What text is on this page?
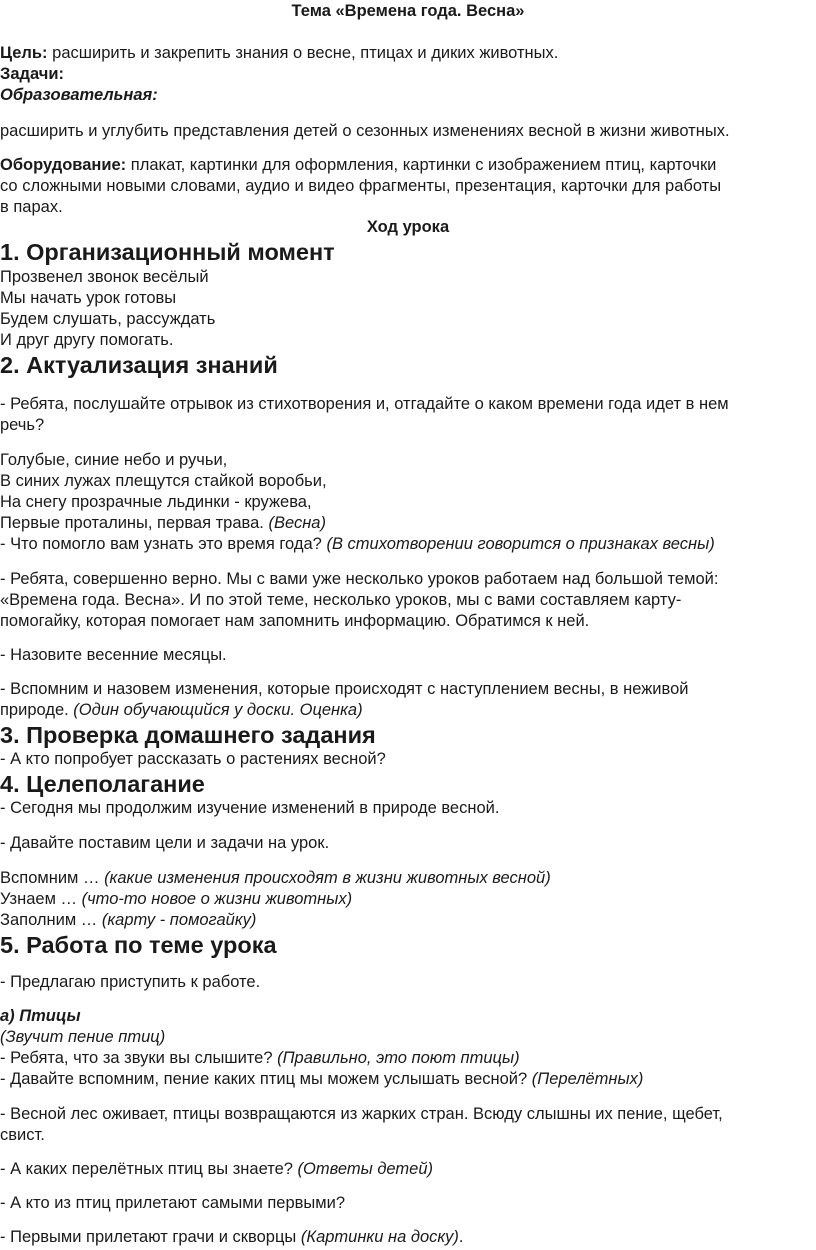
Тема «Времена года. Весна»
Цель: расширить и закрепить знания о весне, птицах и диких животных.
Задачи:
Образовательная:
расширить и углубить представления детей о сезонных изменениях весной в жизни животных.
Оборудование: плакат, картинки для оформления, картинки с изображением птиц, карточки
со сложными новыми словами, аудио и видео фрагменты, презентация, карточки для работы
в парах.
Ход урока
1. Организационный момент
Прозвенел звонок весёлый
Мы начать урок готовы
Будем слушать, рассуждать
И друг другу помогать.
2. Актуализация знаний
- Ребята, послушайте отрывок из стихотворения и, отгадайте о каком времени года идет в нем
речь?
Голубые, синие небо и ручьи,
В синих лужах плещутся стайкой воробьи,
На снегу прозрачные льдинки - кружева,
Первые проталины, первая трава. (Весна)
- Что помогло вам узнать это время года? (В стихотворении говорится о признаках весны)
- Ребята, совершенно верно. Мы с вами уже несколько уроков работаем над большой темой:
«Времена года. Весна». И по этой теме, несколько уроков, мы с вами составляем карту-
помогайку, которая помогает нам запомнить информацию. Обратимся к ней.
- Назовите весенние месяцы.
- Вспомним и назовем изменения, которые происходят с наступлением весны, в неживой
природе. (Один обучающийся у доски. Оценка)
3. Проверка домашнего задания
- А кто попробует рассказать о растениях весной?
4. Целеполагание
- Сегодня мы продолжим изучение изменений в природе весной.
- Давайте поставим цели и задачи на урок.
Вспомним … (какие изменения происходят в жизни животных весной)
Узнаем … (что-то новое о жизни животных)
Заполним … (карту - помогайку)
5. Работа по теме урока
- Предлагаю приступить к работе.
а) Птицы
(Звучит пение птиц)
- Ребята, что за звуки вы слышите? (Правильно, это поют птицы)
- Давайте вспомним, пение каких птиц мы можем услышать весной? (Перелётных)
- Весной лес оживает, птицы возвращаются из жарких стран. Всюду слышны их пение, щебет,
свист.
- А каких перелётных птиц вы знаете? (Ответы детей)
- А кто из птиц прилетают самыми первыми?
- Первыми прилетают грачи и скворцы (Картинки на доску).
